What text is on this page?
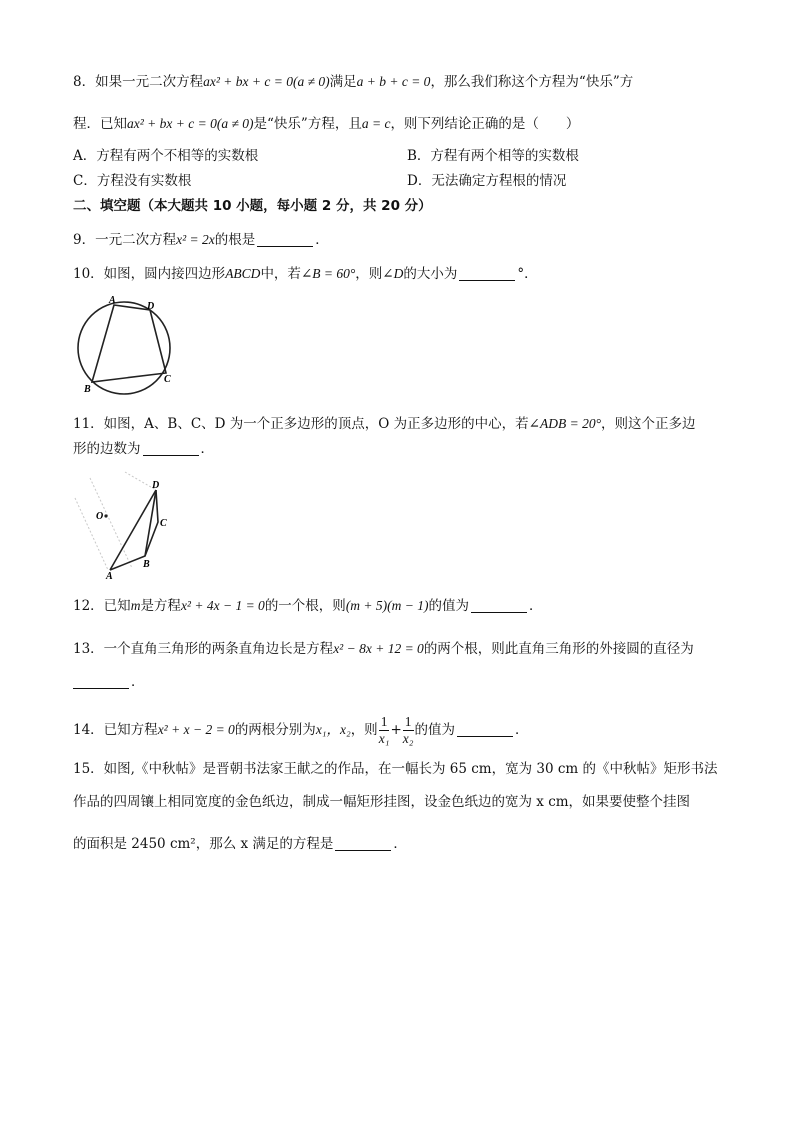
8．如果一元二次方程ax² + bx + c = 0(a ≠ 0)满足a + b + c = 0，那么我们称这个方程为“快乐”方
程．已知ax² + bx + c = 0(a ≠ 0)是“快乐”方程，且a = c，则下列结论正确的是（　　）
A．方程有两个不相等的实数根	B．方程有两个相等的实数根
C．方程没有实数根	D．无法确定方程根的情况
二、填空题（本大题共 10 小题，每小题 2 分，共 20 分）
9．一元二次方程x² = 2x的根是	．
10．如图，圆内接四边形ABCD中，若∠B = 60°，则∠D的大小为	°．
A
D
C
B
11．如图，A、B、C、D 为一个正多边形的顶点，O 为正多边形的中心，若∠ADB = 20°，则这个正多边
形的边数为	．
O
D
C
B
A
12．已知m是方程x² + 4x − 1 = 0的一个根，则(m + 5)(m − 1)的值为	．
13．一个直角三角形的两条直角边长是方程x² − 8x + 12 = 0的两个根，则此直角三角形的外接圆的直径为
．
14．已知方程x² + x − 2 = 0的两根分别为x₁，x₂，则 $\frac{1}{\text{x₁}} + \frac{1}{\text{x₂}}$ 的值为	．
15．如图,《中秋帖》是晋朝书法家王献之的作品，在一幅长为 65 cm，宽为 30 cm 的《中秋帖》矩形书法
作品的四周镶上相同宽度的金色纸边，制成一幅矩形挂图，设金色纸边的宽为 x cm，如果要使整个挂图
的面积是 2450 cm²，那么 x 满足的方程是	．
